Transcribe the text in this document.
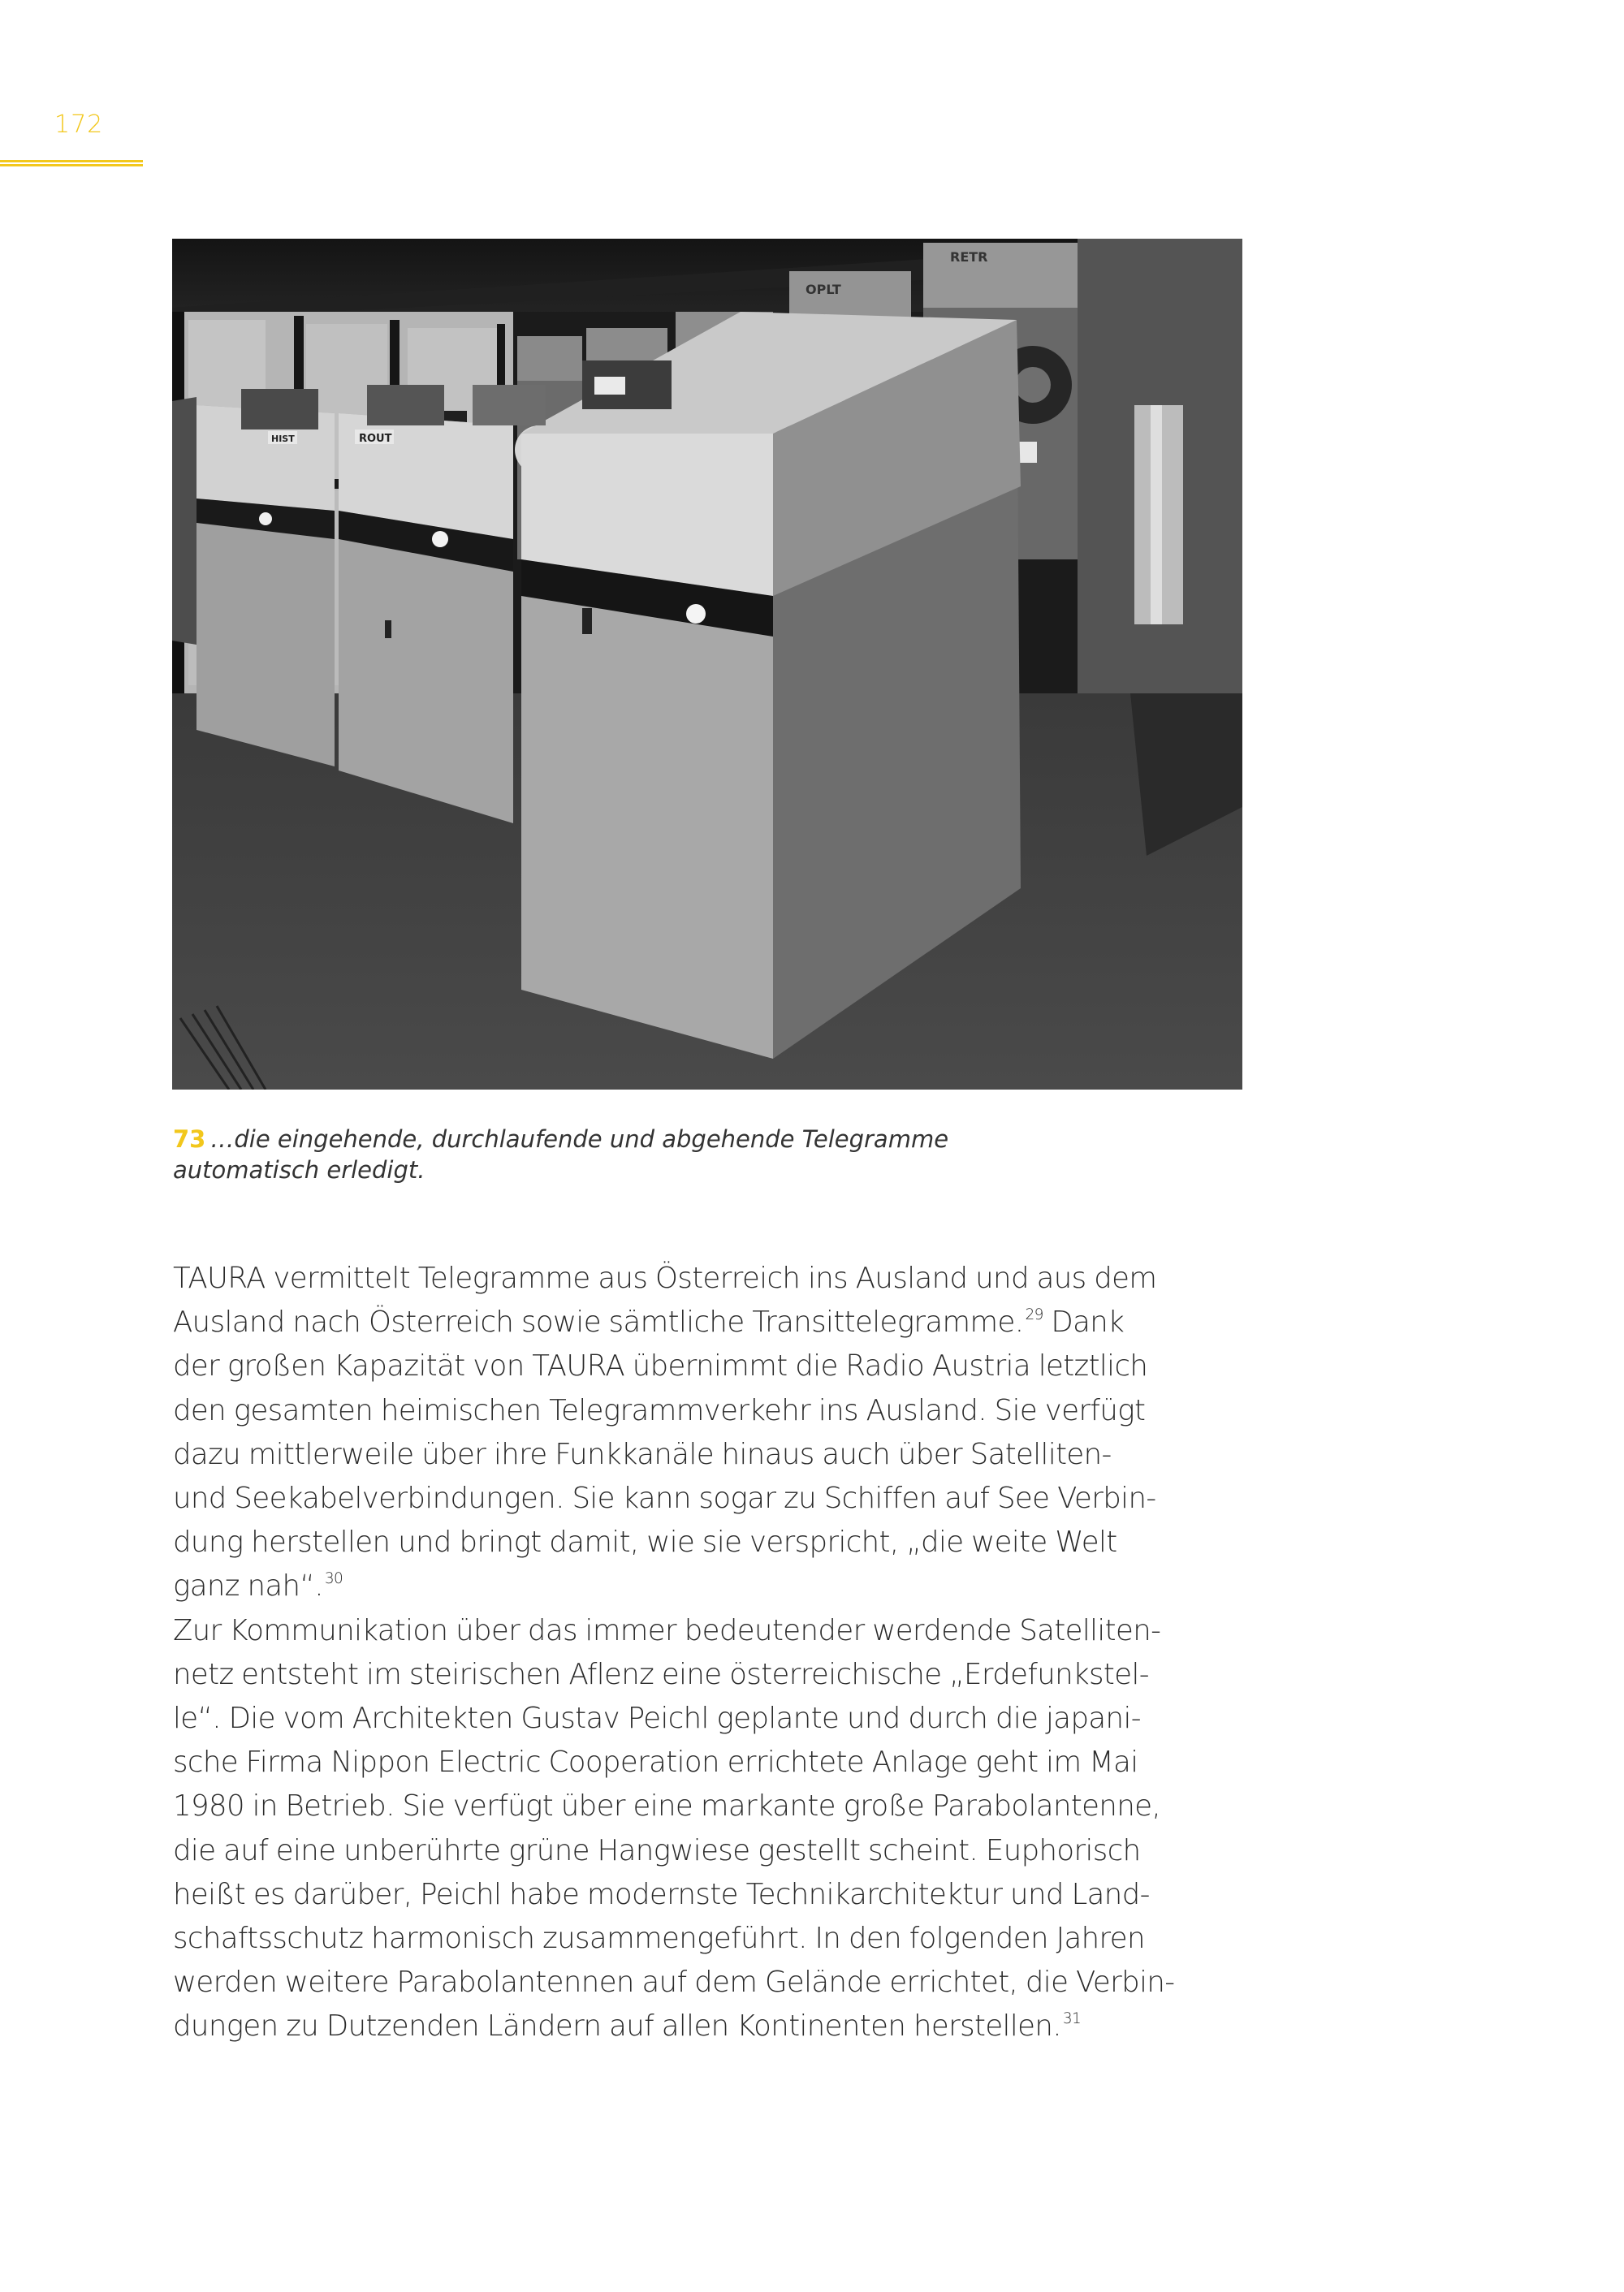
172
HIST	ROUT
OPLT
RETR
73 …die eingehende, durchlaufende und abgehende Telegramme
automatisch erledigt.
TAURA vermittelt Telegramme aus Österreich ins Ausland und aus dem
Ausland nach Österreich sowie sämtliche Transittelegramme. $^{29}$ Dank
der großen Kapazität von TAURA übernimmt die Radio Austria letztlich
den gesamten heimischen Telegrammverkehr ins Ausland. Sie verfügt
dazu mittlerweile über ihre Funkkanäle hinaus auch über Satelliten-
und Seekabelverbindungen. Sie kann sogar zu Schiffen auf See Verbin-
dung herstellen und bringt damit, wie sie verspricht, „die weite Welt
ganz nah“. $^{30}$
Zur Kommunikation über das immer bedeutender werdende Satelliten-
netz entsteht im steirischen Aflenz eine österreichische „Erdefunkstel-
le“. Die vom Architekten Gustav Peichl geplante und durch die japani-
sche Firma Nippon Electric Cooperation errichtete Anlage geht im Mai
1980 in Betrieb. Sie verfügt über eine markante große Parabolantenne,
die auf eine unberührte grüne Hangwiese gestellt scheint. Euphorisch
heißt es darüber, Peichl habe modernste Technikarchitektur und Land-
schaftsschutz harmonisch zusammengeführt. In den folgenden Jahren
werden weitere Parabolantennen auf dem Gelände errichtet, die Verbin-
dungen zu Dutzenden Ländern auf allen Kontinenten herstellen. $^{31}$
